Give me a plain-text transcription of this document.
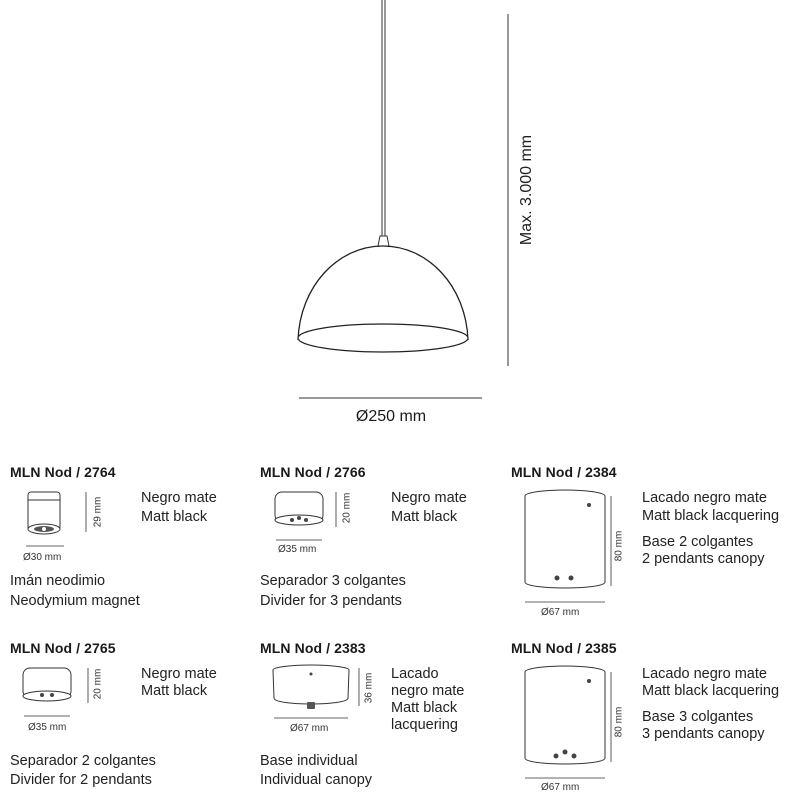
Max. 3.000 mm
Ø250 mm
MLN Nod / 2764
29 mm
Ø30 mm
Negro mate
Matt black
Imán neodimio
Neodymium magnet
MLN Nod / 2766
20 mm
Ø35 mm
Negro mate
Matt black
Separador 3 colgantes
Divider for 3 pendants
MLN Nod / 2384
80 mm
Ø67 mm
Lacado negro mate
Matt black lacquering
Base 2 colgantes
2 pendants canopy
MLN Nod / 2765
20 mm
Ø35 mm
Negro mate
Matt black
Separador 2 colgantes
Divider for 2 pendants
MLN Nod / 2383
36 mm
Ø67 mm
Lacado
negro mate
Matt black
lacquering
Base individual
Individual canopy
MLN Nod / 2385
80 mm
Ø67 mm
Lacado negro mate
Matt black lacquering
Base 3 colgantes
3 pendants canopy
